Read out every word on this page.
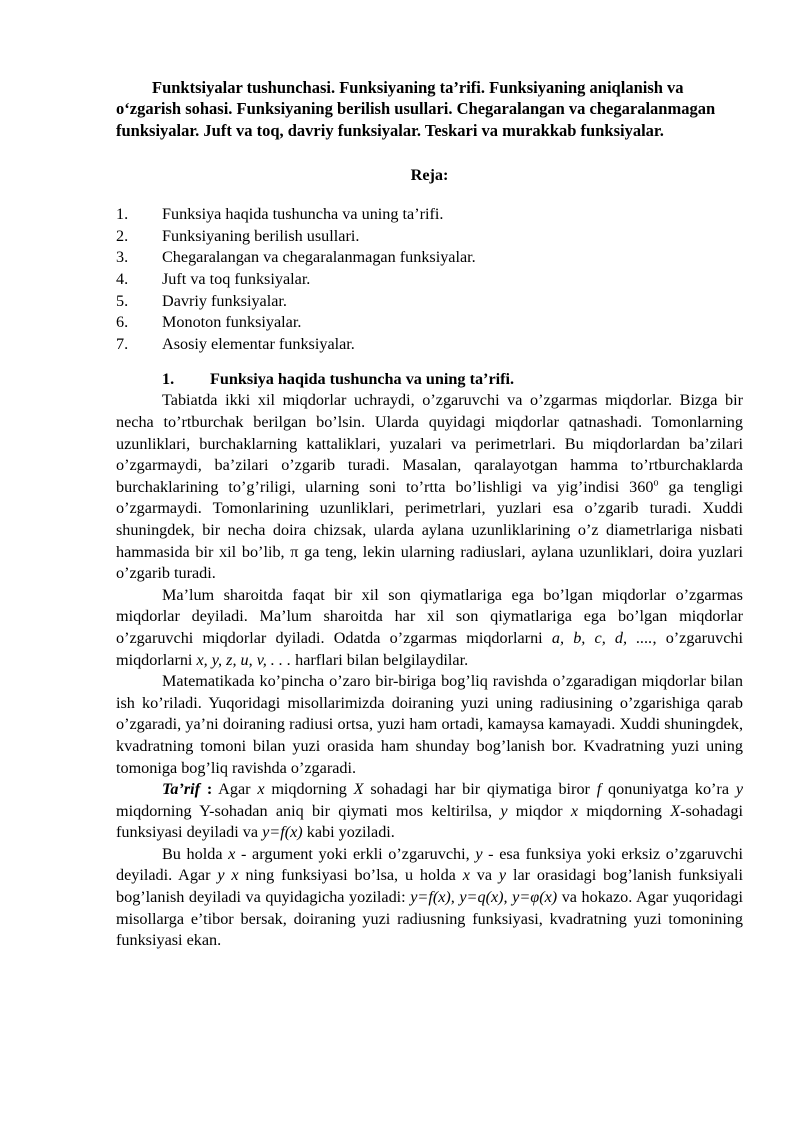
Funktsiyalar tushunchasi. Funksiyaning ta’rifi. Funksiyaning aniqlanish va o‘zgarish sohasi. Funksiyaning berilish usullari. Chegaralangan va chegaralanmagan funksiyalar. Juft va toq, davriy funksiyalar. Teskari va murakkab funksiyalar.

Reja:
1.	Funksiya haqida tushuncha va uning ta’rifi.
2.	Funksiyaning berilish usullari.
3.	Chegaralangan va chegaralanmagan funksiyalar.
4.	Juft va toq funksiyalar.
5.	Davriy funksiyalar.
6.	Monoton funksiyalar.
7.	Asosiy elementar funksiyalar.
1.	Funksiya haqida tushuncha va uning ta’rifi.

Tabiatda ikki xil miqdorlar uchraydi, o’zgaruvchi va o’zgarmas miqdorlar. Bizga bir necha to’rtburchak berilgan bo’lsin. Ularda quyidagi miqdorlar qatnashadi. Tomonlarning uzunliklari, burchaklarning kattaliklari, yuzalari va perimetrlari. Bu miqdorlardan ba’zilari o’zgarmaydi, ba’zilari o’zgarib turadi. Masalan, qaralayotgan hamma to’rtburchaklarda burchaklarining to’g’riligi, ularning soni to’rtta bo’lishligi va yig’indisi 360$^o$ ga tengligi o’zgarmaydi. Tomonlarining uzunliklari, perimetrlari, yuzlari esa o’zgarib turadi. Xuddi shuningdek, bir necha doira chizsak, ularda aylana uzunliklarining o’z diametrlariga nisbati hammasida bir xil bo’lib, π ga teng, lekin ularning radiuslari, aylana uzunliklari, doira yuzlari o’zgarib turadi.

Ma’lum sharoitda faqat bir xil son qiymatlariga ega bo’lgan miqdorlar o’zgarmas miqdorlar deyiladi. Ma’lum sharoitda har xil son qiymatlariga ega bo’lgan miqdorlar o’zgaruvchi miqdorlar dyiladi. Odatda o’zgarmas miqdorlarni a, b, c, d, ...., o’zgaruvchi miqdorlarni x, y, z, u, v, . . . harflari bilan belgilaydilar.

Matematikada ko’pincha o’zaro bir-biriga bog’liq ravishda o’zgaradigan miqdorlar bilan ish ko’riladi. Yuqoridagi misollarimizda doiraning yuzi uning radiusining o’zgarishiga qarab o’zgaradi, ya’ni doiraning radiusi ortsa, yuzi ham ortadi, kamaysa kamayadi. Xuddi shuningdek, kvadratning tomoni bilan yuzi orasida ham shunday bog’lanish bor. Kvadratning yuzi uning tomoniga bog’liq ravishda o’zgaradi.

Ta’rif : Agar x miqdorning X sohadagi har bir qiymatiga biror f qonuniyatga ko’ra y miqdorning Y-sohadan aniq bir qiymati mos keltirilsa, y miqdor x miqdorning X-sohadagi funksiyasi deyiladi va y=f(x) kabi yoziladi.

Bu holda x - argument yoki erkli o’zgaruvchi, y - esa funksiya yoki erksiz o’zgaruvchi deyiladi. Agar y x ning funksiyasi bo’lsa, u holda x va y lar orasidagi bog’lanish funksiyali bog’lanish deyiladi va quyidagicha yoziladi: y=f(x), y=q(x), y=φ(x) va hokazo. Agar yuqoridagi misollarga e’tibor bersak, doiraning yuzi radiusning funksiyasi, kvadratning yuzi tomonining funksiyasi ekan.
